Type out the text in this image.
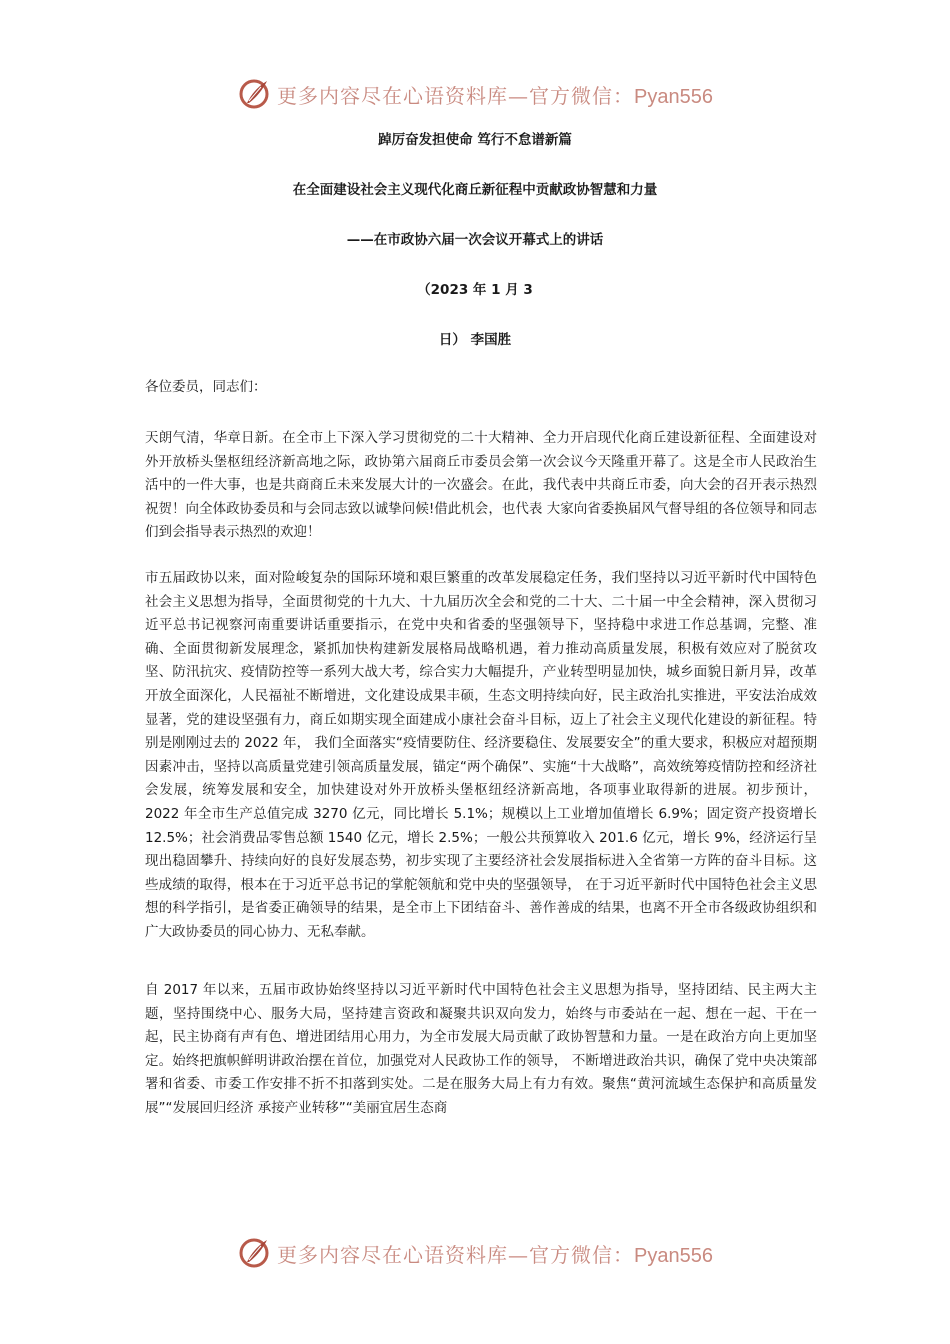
更多内容尽在心语资料库—官方微信：Pyan556
踔厉奋发担使命 笃行不怠谱新篇
在全面建设社会主义现代化商丘新征程中贡献政协智慧和力量
——在市政协六届一次会议开幕式上的讲话
（2023 年 1 月 3
日） 李国胜
各位委员，同志们：

天朗气清，华章日新。在全市上下深入学习贯彻党的二十大精神、全力开启现代化商丘建设新征程、全面建设对外开放桥头堡枢纽经济新高地之际，政协第六届商丘市委员会第一次会议今天隆重开幕了。这是全市人民政治生活中的一件大事，也是共商商丘未来发展大计的一次盛会。在此，我代表中共商丘市委，向大会的召开表示热烈祝贺！向全体政协委员和与会同志致以诚挚问候!借此机会，也代表 大家向省委换届风气督导组的各位领导和同志们到会指导表示热烈的欢迎！

市五届政协以来，面对险峻复杂的国际环境和艰巨繁重的改革发展稳定任务，我们坚持以习近平新时代中国特色社会主义思想为指导，全面贯彻党的十九大、十九届历次全会和党的二十大、二十届一中全会精神，深入贯彻习近平总书记视察河南重要讲话重要指示，在党中央和省委的坚强领导下，坚持稳中求进工作总基调，完整、准确、全面贯彻新发展理念，紧抓加快构建新发展格局战略机遇，着力推动高质量发展，积极有效应对了脱贫攻坚、防汛抗灾、疫情防控等一系列大战大考，综合实力大幅提升，产业转型明显加快，城乡面貌日新月异，改革开放全面深化，人民福祉不断增进，文化建设成果丰硕，生态文明持续向好，民主政治扎实推进，平安法治成效显著，党的建设坚强有力，商丘如期实现全面建成小康社会奋斗目标，迈上了社会主义现代化建设的新征程。特别是刚刚过去的 2022 年， 我们全面落实“疫情要防住、经济要稳住、发展要安全”的重大要求，积极应对超预期因素冲击，坚持以高质量党建引领高质量发展，锚定“两个确保”、实施“十大战略”，高效统筹疫情防控和经济社会发展，统筹发展和安全，加快建设对外开放桥头堡枢纽经济新高地，各项事业取得新的进展。初步预计， 2022 年全市生产总值完成 3270 亿元，同比增长 5.1%；规模以上工业增加值增长 6.9%；固定资产投资增长 12.5%；社会消费品零售总额 1540 亿元，增长 2.5%；一般公共预算收入 201.6 亿元，增长 9%，经济运行呈现出稳固攀升、持续向好的良好发展态势，初步实现了主要经济社会发展指标进入全省第一方阵的奋斗目标。这些成绩的取得，根本在于习近平总书记的掌舵领航和党中央的坚强领导， 在于习近平新时代中国特色社会主义思想的科学指引，是省委正确领导的结果，是全市上下团结奋斗、善作善成的结果，也离不开全市各级政协组织和广大政协委员的同心协力、无私奉献。

自 2017 年以来，五届市政协始终坚持以习近平新时代中国特色社会主义思想为指导，坚持团结、民主两大主题，坚持围绕中心、服务大局，坚持建言资政和凝聚共识双向发力，始终与市委站在一起、想在一起、干在一起，民主协商有声有色、增进团结用心用力，为全市发展大局贡献了政协智慧和力量。一是在政治方向上更加坚定。始终把旗帜鲜明讲政治摆在首位，加强党对人民政协工作的领导， 不断增进政治共识，确保了党中央决策部署和省委、市委工作安排不折不扣落到实处。二是在服务大局上有力有效。聚焦“黄河流域生态保护和高质量发展”“发展回归经济 承接产业转移”“美丽宜居生态商

更多内容尽在心语资料库—官方微信：Pyan556
